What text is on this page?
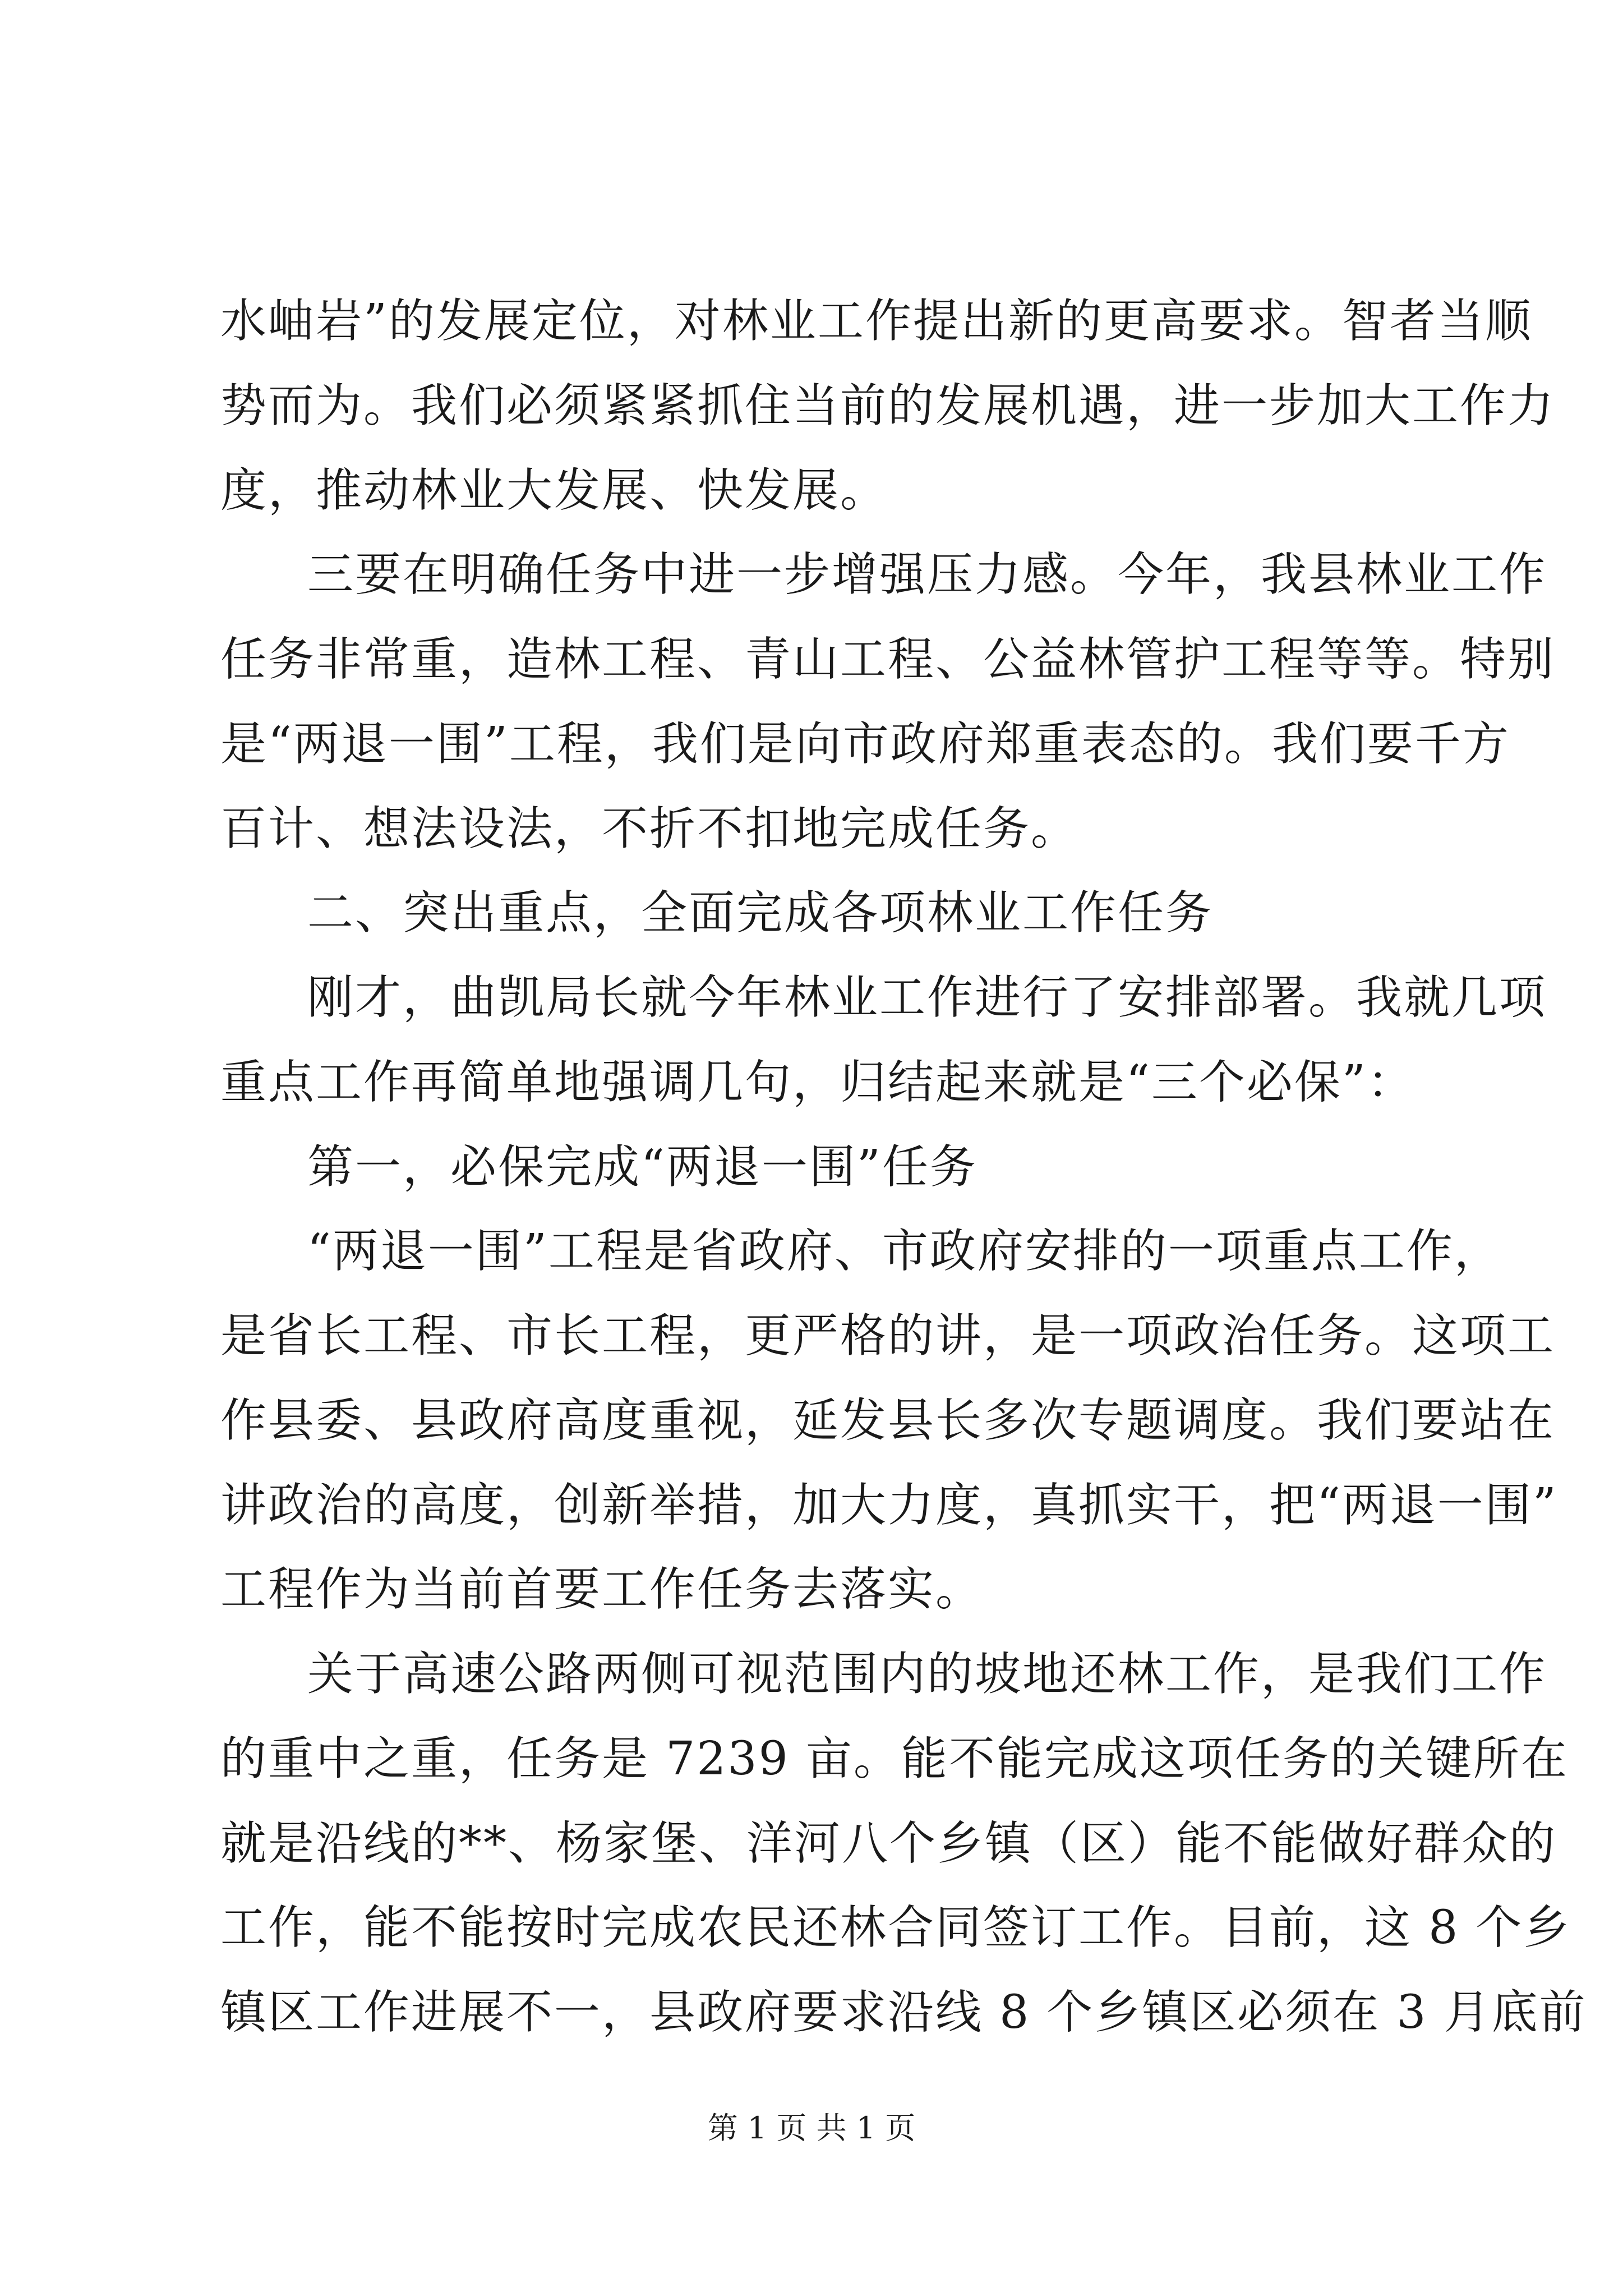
水岫岩”的发展定位，对林业工作提出新的更高要求。智者当顺
势而为。我们必须紧紧抓住当前的发展机遇，进一步加大工作力
度，推动林业大发展、快发展。
三要在明确任务中进一步增强压力感。今年，我县林业工作
任务非常重，造林工程、青山工程、公益林管护工程等等。特别
是“两退一围”工程，我们是向市政府郑重表态的。我们要千方
百计、想法设法，不折不扣地完成任务。
二、突出重点，全面完成各项林业工作任务
刚才，曲凯局长就今年林业工作进行了安排部署。我就几项
重点工作再简单地强调几句，归结起来就是“三个必保”：
第一，必保完成“两退一围”任务
“两退一围”工程是省政府、市政府安排的一项重点工作，
是省长工程、市长工程，更严格的讲，是一项政治任务。这项工
作县委、县政府高度重视，延发县长多次专题调度。我们要站在
讲政治的高度，创新举措，加大力度，真抓实干，把“两退一围”
工程作为当前首要工作任务去落实。
关于高速公路两侧可视范围内的坡地还林工作，是我们工作
的重中之重，任务是 7239 亩。能不能完成这项任务的关键所在
就是沿线的**、杨家堡、洋河八个乡镇（区）能不能做好群众的
工作，能不能按时完成农民还林合同签订工作。目前，这 8 个乡
镇区工作进展不一，县政府要求沿线 8 个乡镇区必须在 3 月底前
第 1 页 共 1 页
